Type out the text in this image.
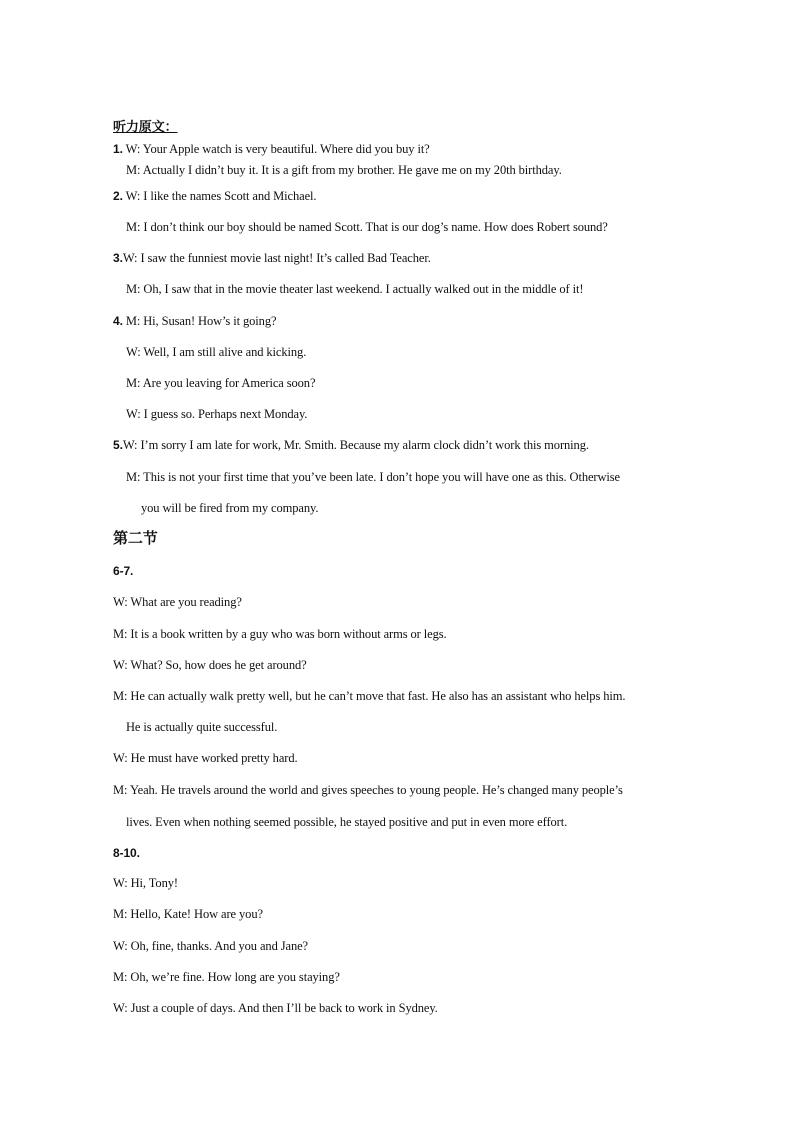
听力原文：
1. W: Your Apple watch is very beautiful. Where did you buy it?
M: Actually I didn’t buy it. It is a gift from my brother. He gave me on my 20th birthday.
2. W: I like the names Scott and Michael.
M: I don’t think our boy should be named Scott. That is our dog’s name. How does Robert sound?
3.W: I saw the funniest movie last night! It’s called Bad Teacher.
M: Oh, I saw that in the movie theater last weekend. I actually walked out in the middle of it!
4. M: Hi, Susan! How’s it going?
W: Well, I am still alive and kicking.
M: Are you leaving for America soon?
W: I guess so. Perhaps next Monday.
5.W: I’m sorry I am late for work, Mr. Smith. Because my alarm clock didn’t work this morning.
M: This is not your first time that you’ve been late. I don’t hope you will have one as this. Otherwise
you will be fired from my company.
第二节
6-7.
W: What are you reading?
M: It is a book written by a guy who was born without arms or legs.
W: What? So, how does he get around?
M: He can actually walk pretty well, but he can’t move that fast. He also has an assistant who helps him.
He is actually quite successful.
W: He must have worked pretty hard.
M: Yeah. He travels around the world and gives speeches to young people. He’s changed many people’s
lives. Even when nothing seemed possible, he stayed positive and put in even more effort.
8-10.
W: Hi, Tony!
M: Hello, Kate! How are you?
W: Oh, fine, thanks. And you and Jane?
M: Oh, we’re fine. How long are you staying?
W: Just a couple of days. And then I’ll be back to work in Sydney.
